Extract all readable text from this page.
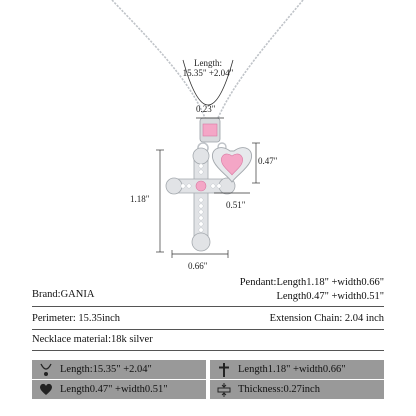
Length:
15.35" +2.04"
0.23"
0.47"
0.51"
1.18"
0.66"
Pendant:Length1.18" +width0.66"
Length0.47" +width0.51"
Brand:GANIA
Perimeter: 15.35inch	Extension Chain: 2.04 inch
Necklace material:18k silver
Length:15.35" +2.04"	Length1.18" +width0.66"
Length0.47" +width0.51"	Thickness:0.27inch
